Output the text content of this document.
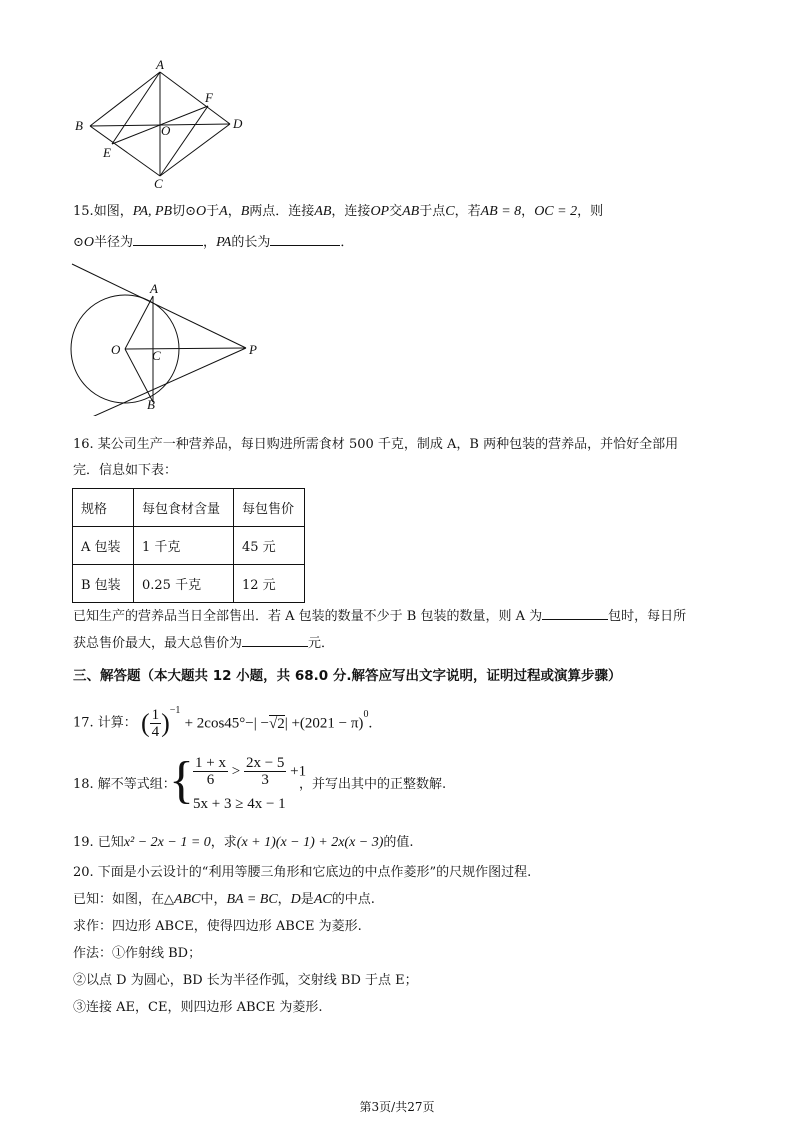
A
B
C
D
E
F
O
15.如图，PA, PB切⊙O于A，B两点．连接AB，连接OP交AB于点C，若AB = 8，OC = 2，则
⊙O半径为	，PA的长为	．
A
O C	P
B
16. 某公司生产一种营养品，每日购进所需食材 500 千克，制成 A，B 两种包装的营养品，并恰好全部用
完．信息如下表：
规格	每包食材含量	每包售价
A 包装	1 千克	45 元
B 包装	0.25 千克	12 元
已知生产的营养品当日全部售出．若 A 包装的数量不少于 B 包装的数量，则 A 为	包时，每日所
获总售价最大，最大总售价为	元．
三、解答题（本大题共 12 小题，共 68.0 分.解答应写出文字说明，证明过程或演算步骤）
17. 计算： ( $\frac{1}{4} )^{-1} + 2\cos 45^\circ-| -√2| +(2021 - \pi)^0$.
18. 解不等式组：
{ $\frac{1 + x}{6} > \frac{2x - 5}{3} +1$
5x + 3 ≥ 4x − 1
，并写出其中的正整数解.
19. 已知x² − 2x − 1 = 0，求(x + 1)(x − 1) + 2x(x − 3)的值.
20. 下面是小云设计的“利用等腰三角形和它底边的中点作菱形”的尺规作图过程.
已知：如图，在△ABC中，BA = BC，D是AC的中点.
求作：四边形 ABCE，使得四边形 ABCE 为菱形.
作法：①作射线 BD；
②以点 D 为圆心，BD 长为半径作弧，交射线 BD 于点 E；
③连接 AE，CE，则四边形 ABCE 为菱形.
第3页/共27页
